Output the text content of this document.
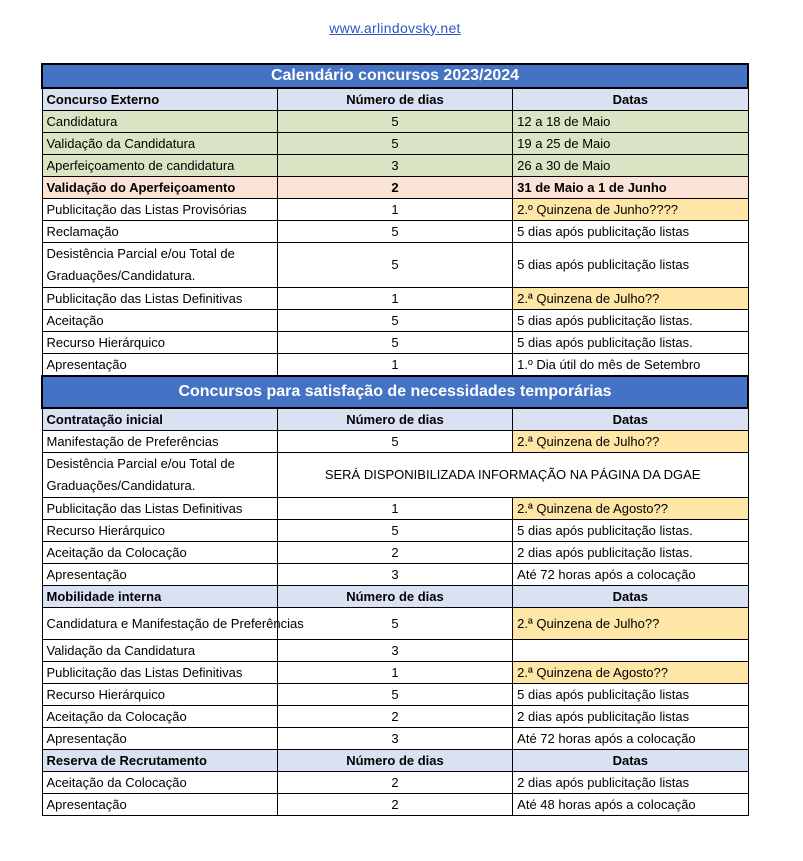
www.arlindovsky.net
Calendário concursos 2023/2024		
Concurso Externo	Número de dias	Datas
Candidatura	5	12 a 18 de Maio
Validação da Candidatura	5	19 a 25 de Maio
Aperfeiçoamento de candidatura	3	26 a 30 de Maio
Validação do Aperfeiçoamento	2	31 de Maio a 1 de Junho
Publicitação das Listas Provisórias	1	2.º Quinzena de Junho????
Reclamação	5	5 dias após publicitação listas
Desistência Parcial e/ou Total de Graduações/Candidatura.	5	5 dias após publicitação listas
Publicitação das Listas Definitivas	1	2.ª Quinzena de Julho??
Aceitação	5	5 dias após publicitação listas.
Recurso Hierárquico	5	5 dias após publicitação listas.
Apresentação	1	1.º Dia útil do mês de Setembro
Concursos para satisfação de necessidades temporárias		
Contratação inicial	Número de dias	Datas
Manifestação de Preferências	5	2.ª Quinzena de Julho??
Desistência Parcial e/ou Total de Graduações/Candidatura.	SERÁ DISPONIBILIZADA INFORMAÇÃO NA PÁGINA DA DGAE	
Publicitação das Listas Definitivas	1	2.ª Quinzena de Agosto??
Recurso Hierárquico	5	5 dias após publicitação listas.
Aceitação da Colocação	2	2 dias após publicitação listas.
Apresentação	3	Até 72 horas após a colocação
Mobilidade interna	Número de dias	Datas
Candidatura e Manifestação de Preferências	5	2.ª Quinzena de Julho??
Validação da Candidatura	3	
Publicitação das Listas Definitivas	1	2.ª Quinzena de Agosto??
Recurso Hierárquico	5	5 dias após publicitação listas
Aceitação da Colocação	2	2 dias após publicitação listas
Apresentação	3	Até 72 horas após a colocação
Reserva de Recrutamento	Número de dias	Datas
Aceitação da Colocação	2	2 dias após publicitação listas
Apresentação	2	Até 48 horas após a colocação
